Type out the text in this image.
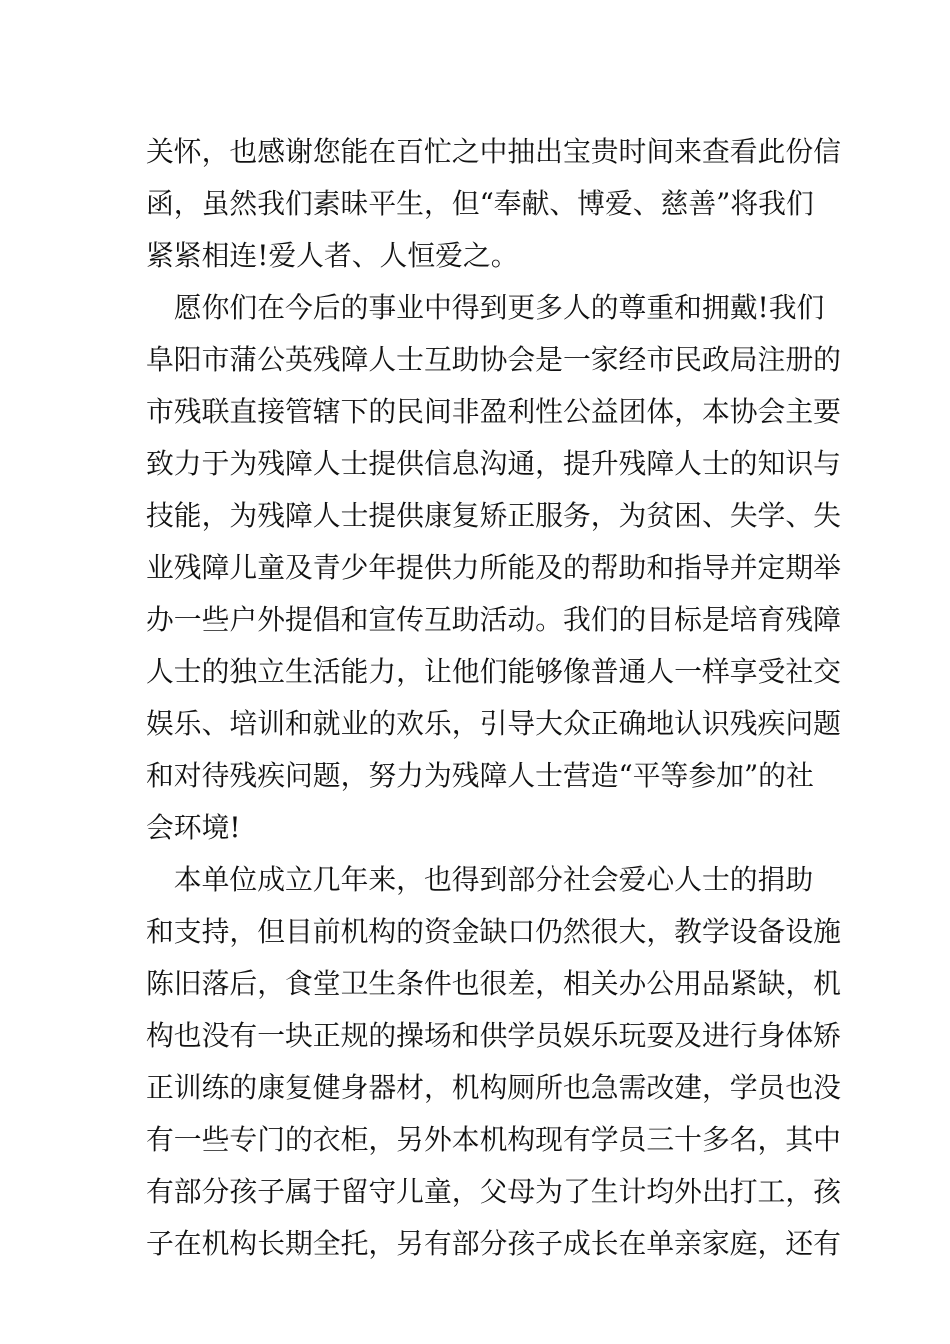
关怀，也感谢您能在百忙之中抽出宝贵时间来查看此份信
函，虽然我们素昧平生，但“奉献、博爱、慈善”将我们
紧紧相连!爱人者、人恒爱之。
　愿你们在今后的事业中得到更多人的尊重和拥戴!我们
阜阳市蒲公英残障人士互助协会是一家经市民政局注册的
市残联直接管辖下的民间非盈利性公益团体，本协会主要
致力于为残障人士提供信息沟通，提升残障人士的知识与
技能，为残障人士提供康复矫正服务，为贫困、失学、失
业残障儿童及青少年提供力所能及的帮助和指导并定期举
办一些户外提倡和宣传互助活动。我们的目标是培育残障
人士的独立生活能力，让他们能够像普通人一样享受社交
娱乐、培训和就业的欢乐，引导大众正确地认识残疾问题
和对待残疾问题，努力为残障人士营造“平等参加”的社
会环境!
　本单位成立几年来，也得到部分社会爱心人士的捐助
和支持，但目前机构的资金缺口仍然很大，教学设备设施
陈旧落后，食堂卫生条件也很差，相关办公用品紧缺，机
构也没有一块正规的操场和供学员娱乐玩耍及进行身体矫
正训练的康复健身器材，机构厕所也急需改建，学员也没
有一些专门的衣柜，另外本机构现有学员三十多名，其中
有部分孩子属于留守儿童，父母为了生计均外出打工，孩
子在机构长期全托，另有部分孩子成长在单亲家庭，还有
